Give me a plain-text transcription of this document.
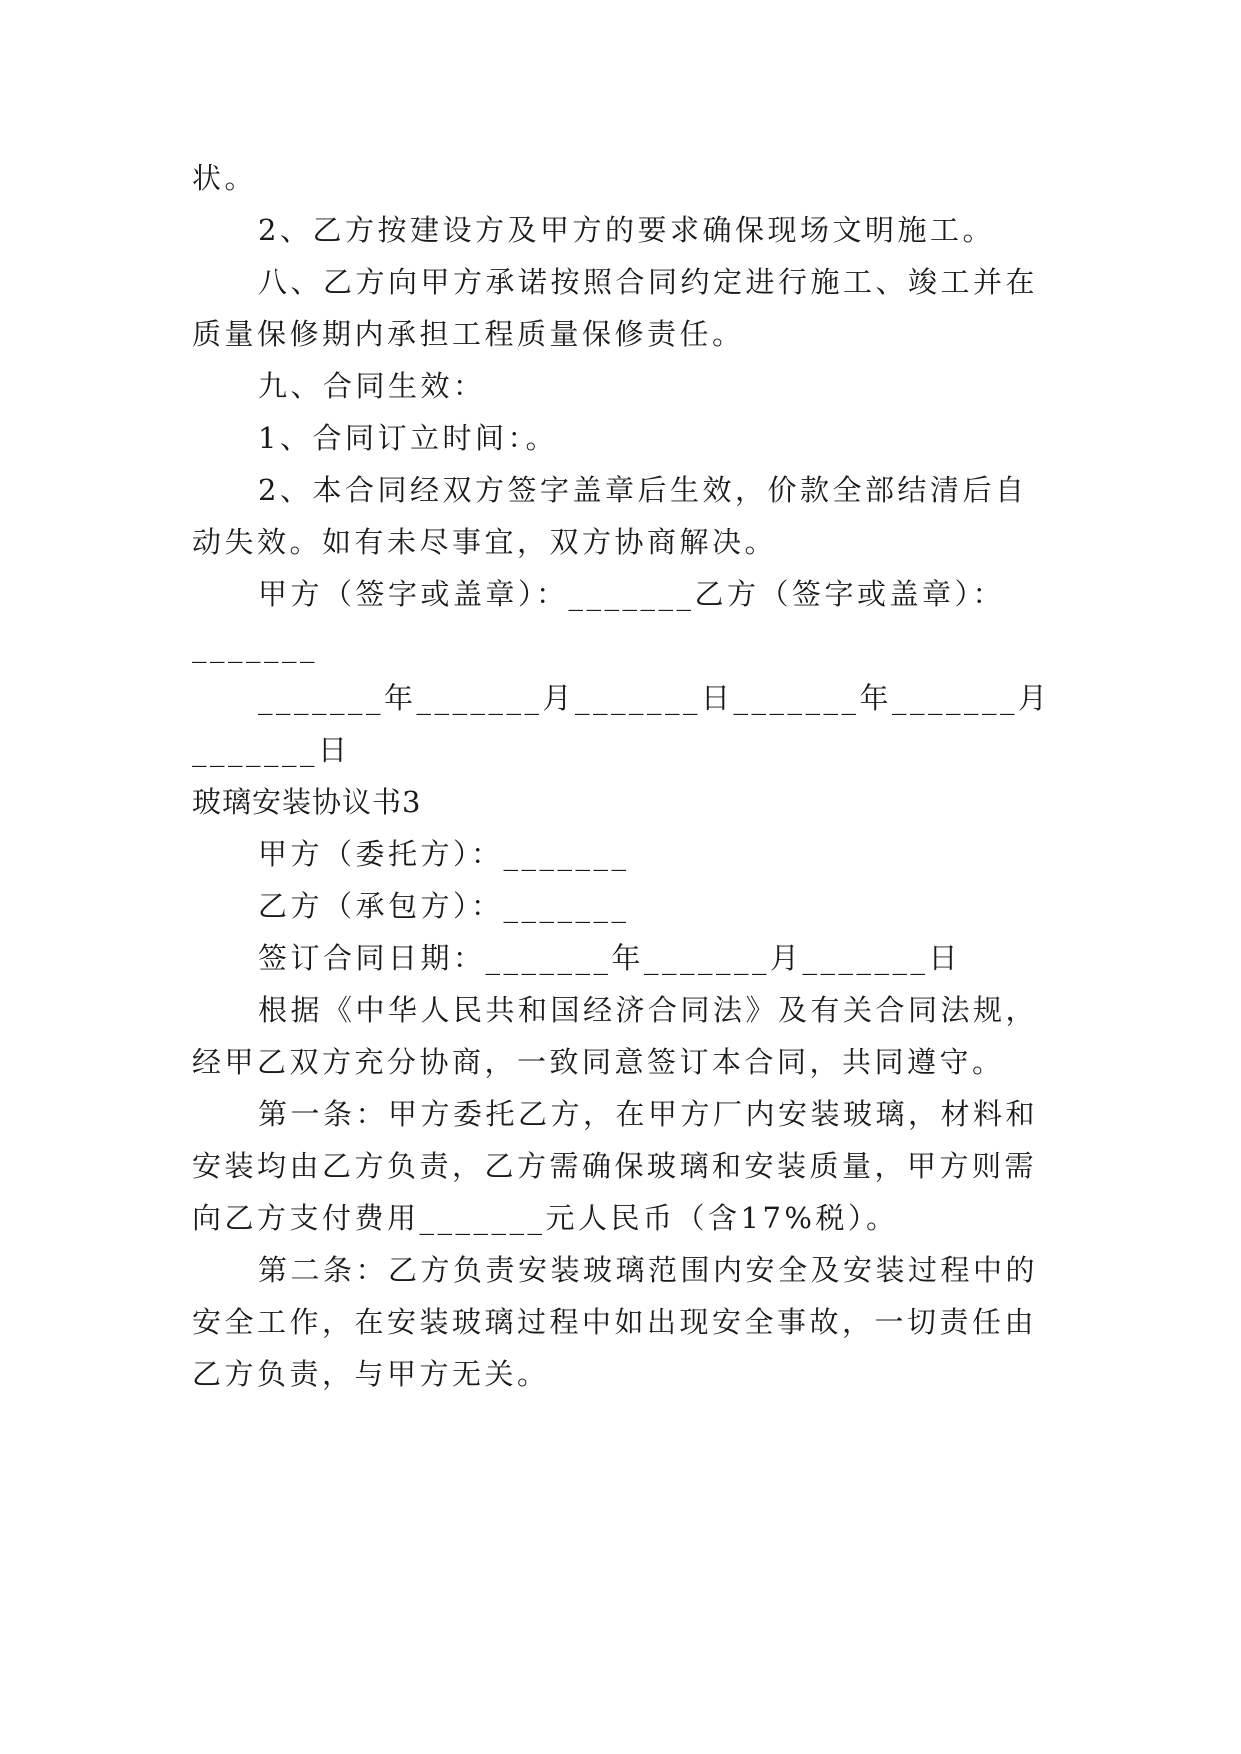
状。
2、乙方按建设方及甲方的要求确保现场文明施工。
八、乙方向甲方承诺按照合同约定进行施工、竣工并在
质量保修期内承担工程质量保修责任。
九、合同生效：
1、合同订立时间：。
2、本合同经双方签字盖章后生效，价款全部结清后自
动失效。如有未尽事宜，双方协商解决。
甲方（签字或盖章）：_______乙方（签字或盖章）：
_______
_______年_______月_______日_______年_______月
_______日
玻璃安装协议书3
甲方（委托方）：_______
乙方（承包方）：_______
签订合同日期：_______年_______月_______日
根据《中华人民共和国经济合同法》及有关合同法规，
经甲乙双方充分协商，一致同意签订本合同，共同遵守。
第一条：甲方委托乙方，在甲方厂内安装玻璃，材料和
安装均由乙方负责，乙方需确保玻璃和安装质量，甲方则需
向乙方支付费用_______元人民币（含17%税）。
第二条：乙方负责安装玻璃范围内安全及安装过程中的
安全工作，在安装玻璃过程中如出现安全事故，一切责任由
乙方负责，与甲方无关。
